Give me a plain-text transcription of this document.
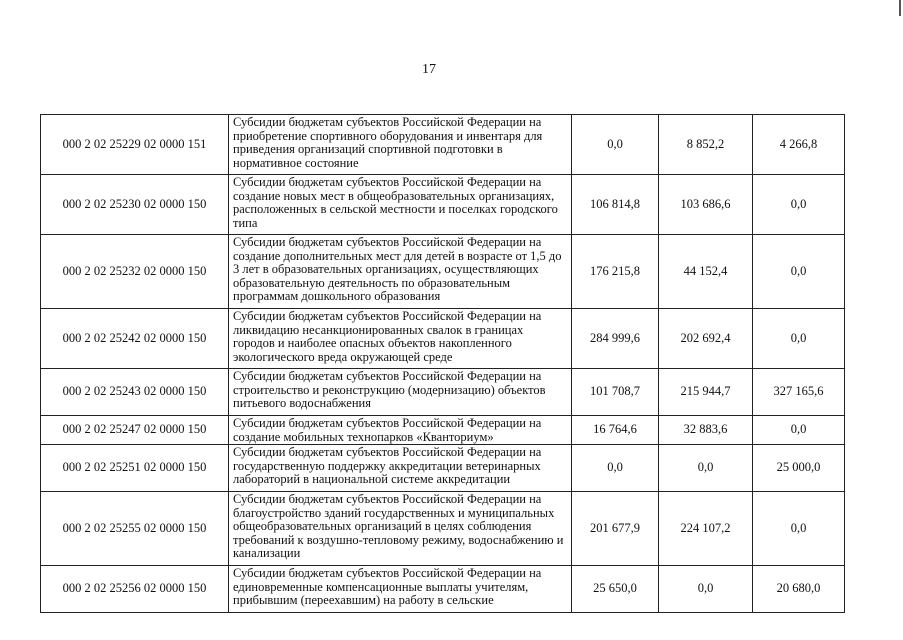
17
000 2 02 25229 02 0000 151	Субсидии бюджетам субъектов Российской Федерации на приобретение спортивного оборудования и инвентаря для приведения организаций спортивной подготовки в нормативное состояние	0,0	8 852,2	4 266,8
000 2 02 25230 02 0000 150	Субсидии бюджетам субъектов Российской Федерации на создание новых мест в общеобразовательных организациях, расположенных в сельской местности и поселках городского типа	106 814,8	103 686,6	0,0
000 2 02 25232 02 0000 150	Субсидии бюджетам субъектов Российской Федерации на создание дополнительных мест для детей в возрасте от 1,5 до 3 лет в образовательных организациях, осуществляющих образовательную деятельность по образовательным программам дошкольного образования	176 215,8	44 152,4	0,0
000 2 02 25242 02 0000 150	Субсидии бюджетам субъектов Российской Федерации на ликвидацию несанкционированных свалок в границах городов и наиболее опасных объектов накопленного экологического вреда окружающей среде	284 999,6	202 692,4	0,0
000 2 02 25243 02 0000 150	Субсидии бюджетам субъектов Российской Федерации на строительство и реконструкцию (модернизацию) объектов питьевого водоснабжения	101 708,7	215 944,7	327 165,6
000 2 02 25247 02 0000 150	Субсидии бюджетам субъектов Российской Федерации на создание мобильных технопарков «Кванториум»	16 764,6	32 883,6	0,0
000 2 02 25251 02 0000 150	Субсидии бюджетам субъектов Российской Федерации на государственную поддержку аккредитации ветеринарных лабораторий в национальной системе аккредитации	0,0	0,0	25 000,0
000 2 02 25255 02 0000 150	Субсидии бюджетам субъектов Российской Федерации на благоустройство зданий государственных и муниципальных общеобразовательных организаций в целях соблюдения требований к воздушно-тепловому режиму, водоснабжению и канализации	201 677,9	224 107,2	0,0
000 2 02 25256 02 0000 150	Субсидии бюджетам субъектов Российской Федерации на единовременные компенсационные выплаты учителям, прибывшим (переехавшим) на работу в сельские	25 650,0	0,0	20 680,0
